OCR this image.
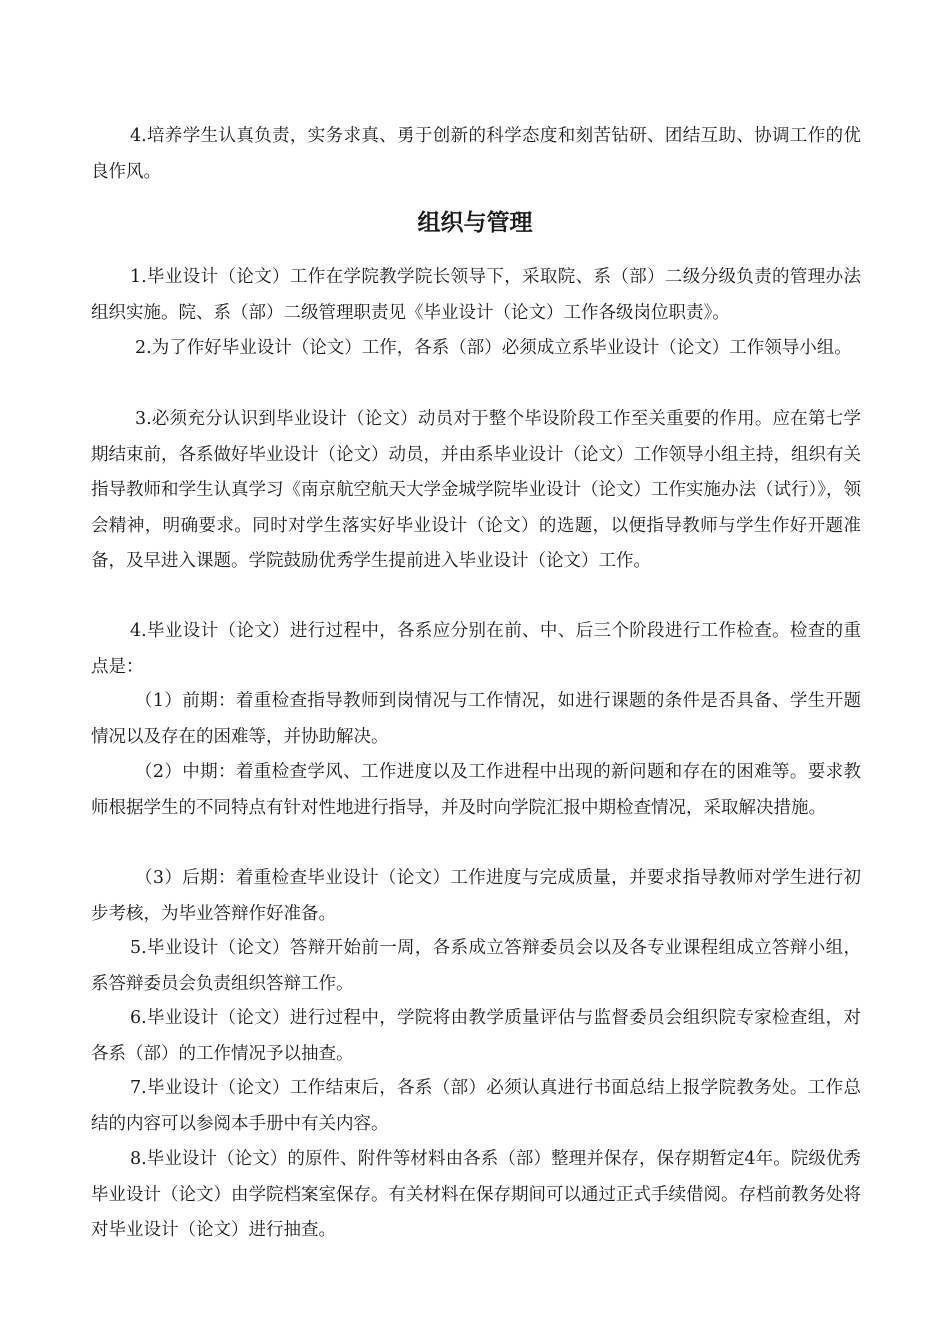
4.培养学生认真负责，实务求真、勇于创新的科学态度和刻苦钻研、团结互助、协调工作的优良作风。

组织与管理

1.毕业设计（论文）工作在学院教学院长领导下，采取院、系（部）二级分级负责的管理办法组织实施。院、系（部）二级管理职责见《毕业设计（论文）工作各级岗位职责》。

2.为了作好毕业设计（论文）工作，各系（部）必须成立系毕业设计（论文）工作领导小组。

3.必须充分认识到毕业设计（论文）动员对于整个毕设阶段工作至关重要的作用。应在第七学期结束前，各系做好毕业设计（论文）动员，并由系毕业设计（论文）工作领导小组主持，组织有关指导教师和学生认真学习《南京航空航天大学金城学院毕业设计（论文）工作实施办法（试行）》，领会精神，明确要求。同时对学生落实好毕业设计（论文）的选题，以便指导教师与学生作好开题准备，及早进入课题。学院鼓励优秀学生提前进入毕业设计（论文）工作。

4.毕业设计（论文）进行过程中，各系应分别在前、中、后三个阶段进行工作检查。检查的重点是：

（1）前期：着重检查指导教师到岗情况与工作情况，如进行课题的条件是否具备、学生开题情况以及存在的困难等，并协助解决。

（2）中期：着重检查学风、工作进度以及工作进程中出现的新问题和存在的困难等。要求教师根据学生的不同特点有针对性地进行指导，并及时向学院汇报中期检查情况，采取解决措施。

（3）后期：着重检查毕业设计（论文）工作进度与完成质量，并要求指导教师对学生进行初步考核，为毕业答辩作好准备。

5.毕业设计（论文）答辩开始前一周，各系成立答辩委员会以及各专业课程组成立答辩小组，系答辩委员会负责组织答辩工作。

6.毕业设计（论文）进行过程中，学院将由教学质量评估与监督委员会组织院专家检查组，对各系（部）的工作情况予以抽查。

7.毕业设计（论文）工作结束后，各系（部）必须认真进行书面总结上报学院教务处。工作总结的内容可以参阅本手册中有关内容。

8.毕业设计（论文）的原件、附件等材料由各系（部）整理并保存，保存期暂定4年。院级优秀毕业设计（论文）由学院档案室保存。有关材料在保存期间可以通过正式手续借阅。存档前教务处将对毕业设计（论文）进行抽查。
